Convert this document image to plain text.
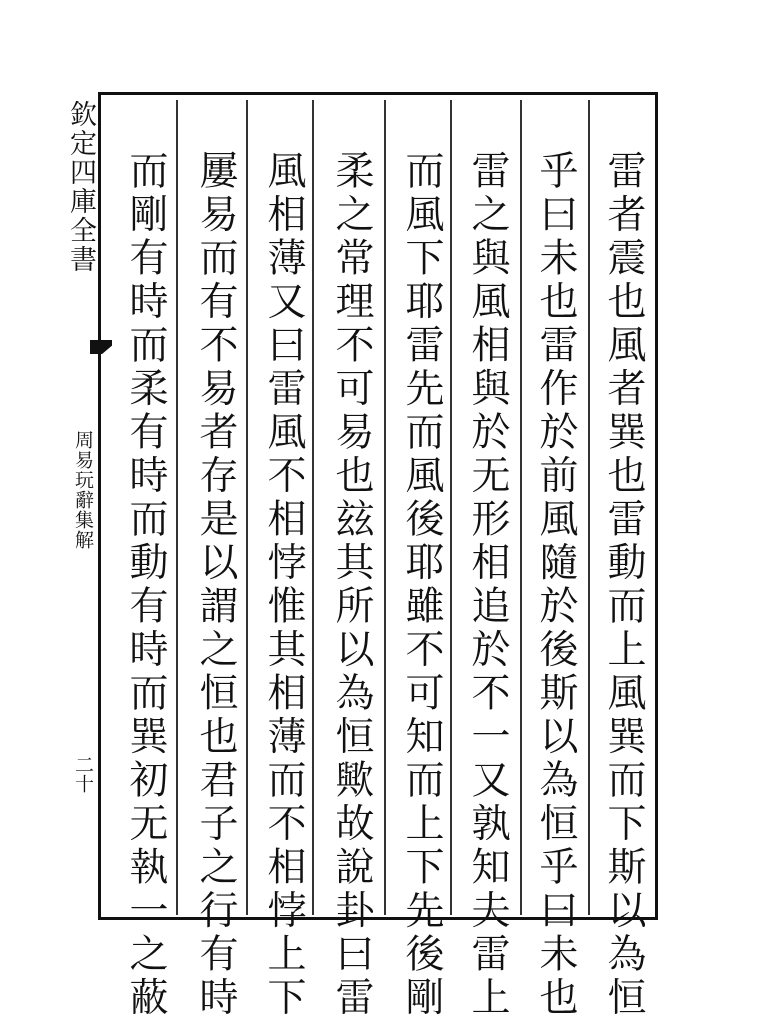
欽定四庫全書
周易玩辭集解
二十	雷者震也風者巽也雷動而上風巽而下斯以為恒
乎曰未也雷作於前風隨於後斯以為恒乎曰未也
雷之與風相與於无形相追於不一又孰知夫雷上
而風下耶雷先而風後耶雖不可知而上下先後剛
柔之常理不可易也玆其所以為恒歟故說卦曰雷
風相薄又曰雷風不相悖惟其相薄而不相悖上下
屢易而有不易者存是以謂之恒也君子之行有時
而剛有時而柔有時而動有時而巽初无執一之蔽
